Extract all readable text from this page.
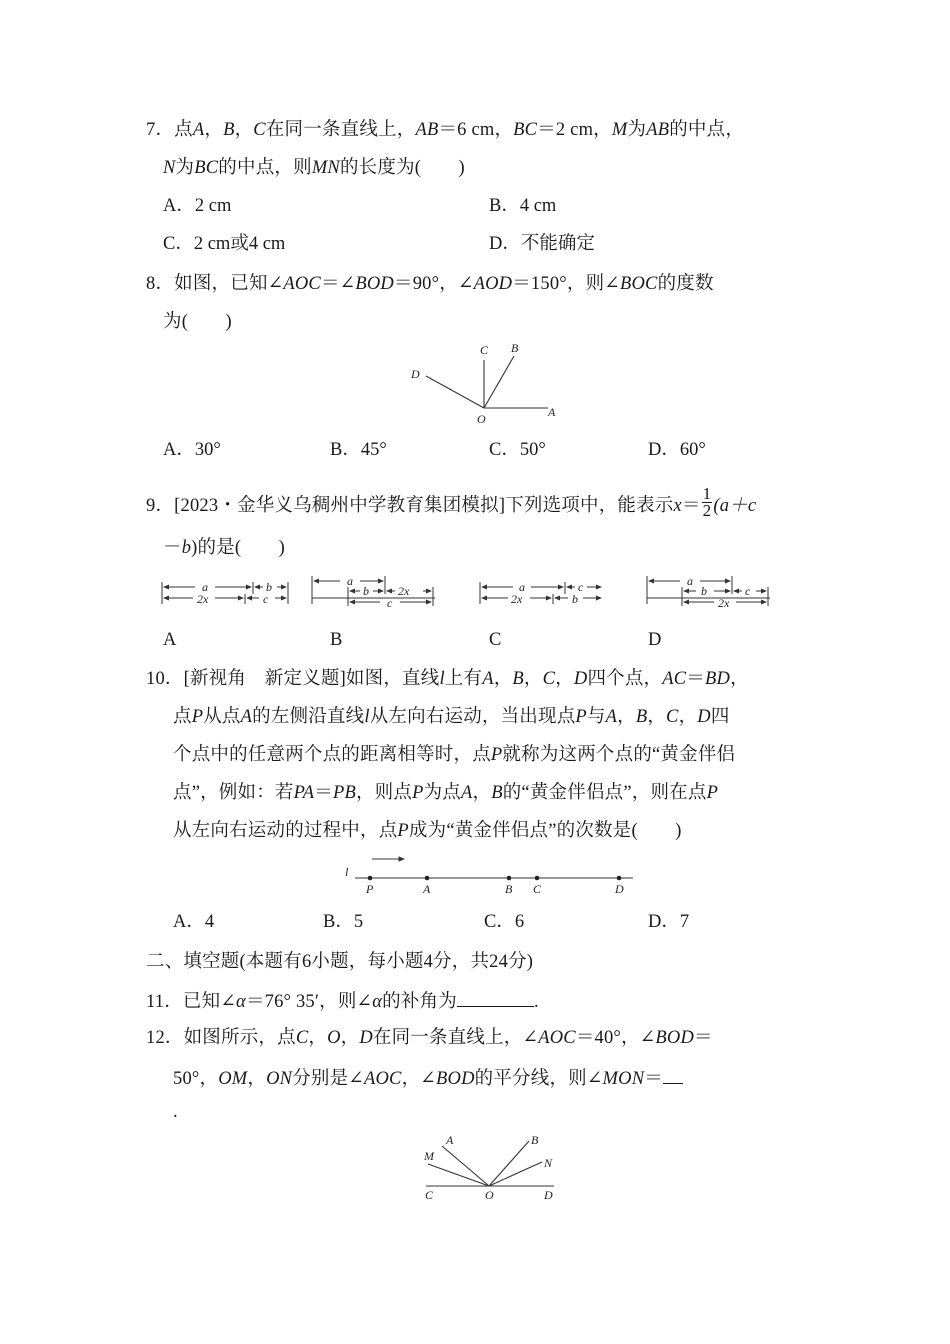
7．点A，B，C在同一条直线上，AB＝6 cm，BC＝2 cm，M为AB的中点，
N为BC的中点，则MN的长度为(　　)
A．2 cm	B．4 cm
C．2 cm或4 cm	D．不能确定
8．如图，已知∠AOC＝∠BOD＝90°，∠AOD＝150°，则∠BOC的度数
为(　　)
C B
D
O	A
A．30°	B．45°	C．50°	D．60°
9．[2023・金华义乌稠州中学教育集团模拟]下列选项中，能表示$x= \frac{1}{2} (a+c$
－b)的是(　　)
a	b
2x	c
a
b 2x
c
a	c
2x	b
a
b	c
2x
A	B	C	D
10．[新视角　新定义题]如图，直线l上有A，B，C，D四个点，AC＝BD，
点P从点A的左侧沿直线l从左向右运动，当出现点P与A，B，C，D四
个点中的任意两个点的距离相等时，点P就称为这两个点的“黄金伴侣
点”，例如：若PA＝PB，则点P为点A，B的“黄金伴侣点”，则在点P
从左向右运动的过程中，点P成为“黄金伴侣点”的次数是(　　)
l
P	A	B C	D
A．4	B．5	C．6	D．7
二、填空题(本题有6小题，每小题4分，共24分)
11．已知∠α＝76° 35′，则∠α的补角为	.
12．如图所示，点C，O，D在同一条直线上，∠AOC＝40°，∠BOD＝
50°，OM，ON分别是∠AOC，∠BOD的平分线，则∠MON＝
.
A
M
B
N
C	O	D
